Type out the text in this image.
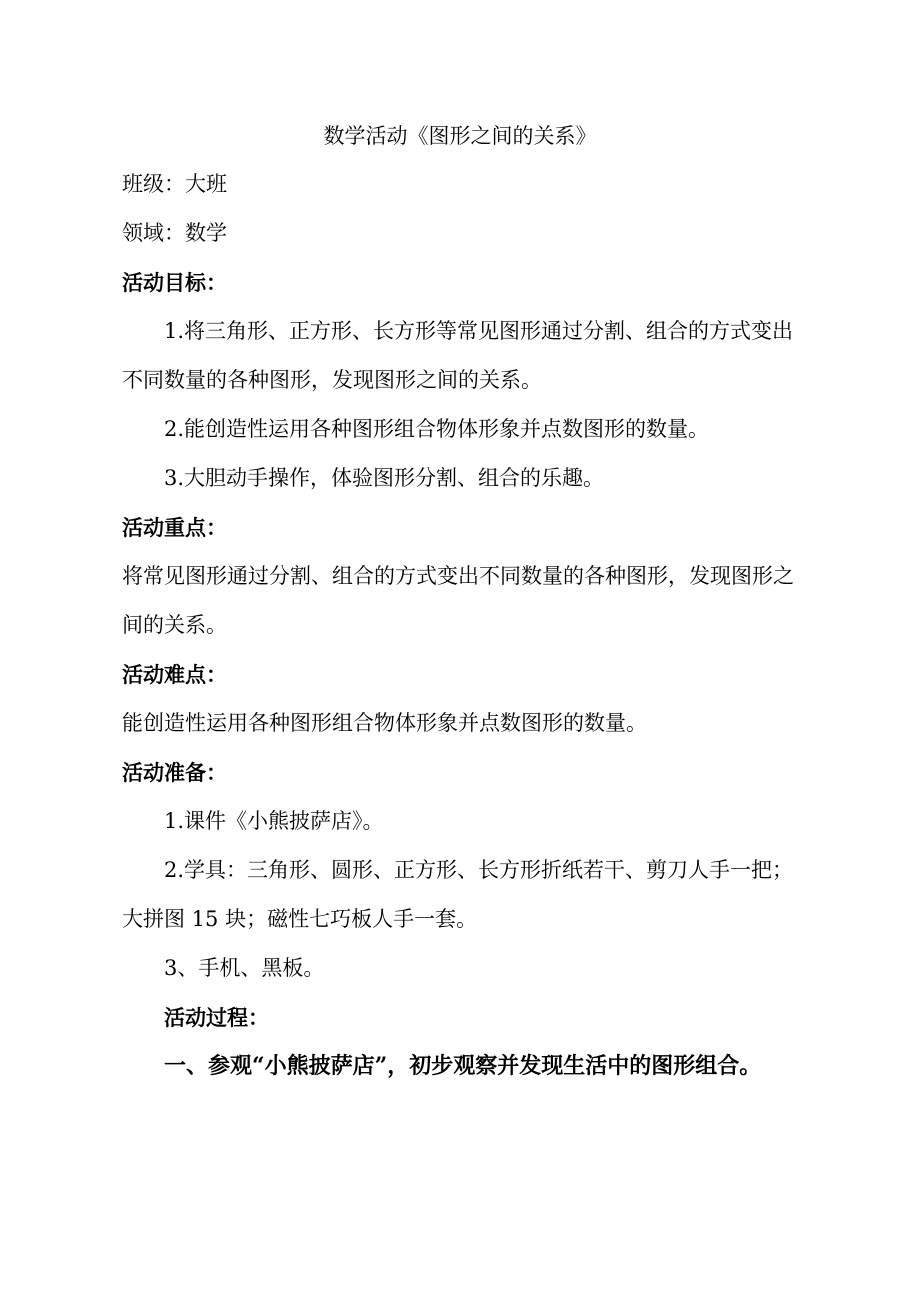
数学活动《图形之间的关系》
班级：大班
领域：数学
活动目标：
1.将三角形、正方形、长方形等常见图形通过分割、组合的方式变出不同数量的各种图形，发现图形之间的关系。
2.能创造性运用各种图形组合物体形象并点数图形的数量。
3.大胆动手操作，体验图形分割、组合的乐趣。
活动重点：
将常见图形通过分割、组合的方式变出不同数量的各种图形，发现图形之间的关系。
活动难点：
能创造性运用各种图形组合物体形象并点数图形的数量。
活动准备：
1.课件《小熊披萨店》。
2.学具：三角形、圆形、正方形、长方形折纸若干、剪刀人手一把；大拼图 15 块；磁性七巧板人手一套。
3、手机、黑板。
活动过程：
一、参观“小熊披萨店”，初步观察并发现生活中的图形组合。
